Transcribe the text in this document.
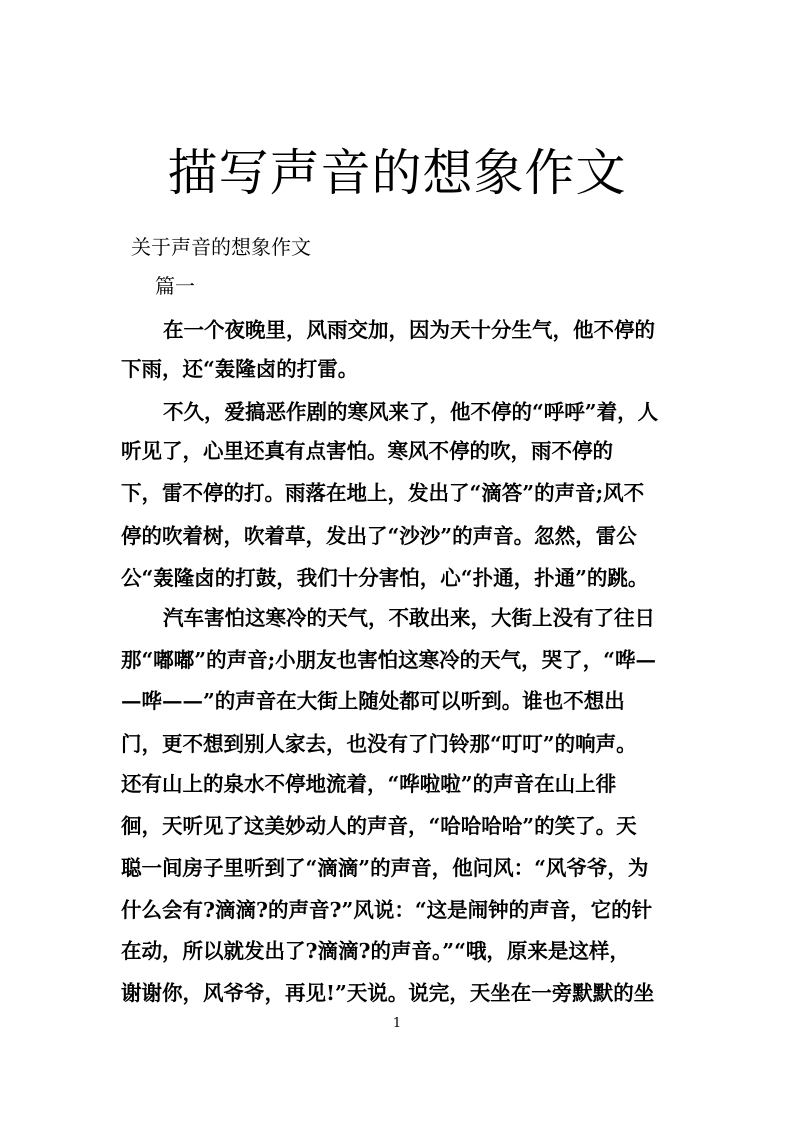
描写声音的想象作文
关于声音的想象作文
篇一
在一个夜晚里，风雨交加，因为天十分生气，他不停的
下雨，还“轰隆卤的打雷。
不久，爱搞恶作剧的寒风来了，他不停的“呼呼”着，人
听见了，心里还真有点害怕。寒风不停的吹，雨不停的
下，雷不停的打。雨落在地上，发出了“滴答”的声音;风不
停的吹着树，吹着草，发出了“沙沙”的声音。忽然，雷公
公“轰隆卤的打鼓，我们十分害怕，心“扑通，扑通”的跳。
汽车害怕这寒冷的天气，不敢出来，大街上没有了往日
那“嘟嘟”的声音;小朋友也害怕这寒冷的天气，哭了，“哗—
—哗——”的声音在大街上随处都可以听到。谁也不想出
门，更不想到别人家去，也没有了门铃那“叮叮”的响声。
还有山上的泉水不停地流着，“哗啦啦”的声音在山上徘
徊，天听见了这美妙动人的声音，“哈哈哈哈”的笑了。天
聪一间房子里听到了“滴滴”的声音，他问风：“风爷爷，为
什么会有?滴滴?的声音?”风说：“这是闹钟的声音，它的针
在动，所以就发出了?滴滴?的声音。”“哦，原来是这样，
谢谢你，风爷爷，再见!”天说。说完，天坐在一旁默默的坐
1
